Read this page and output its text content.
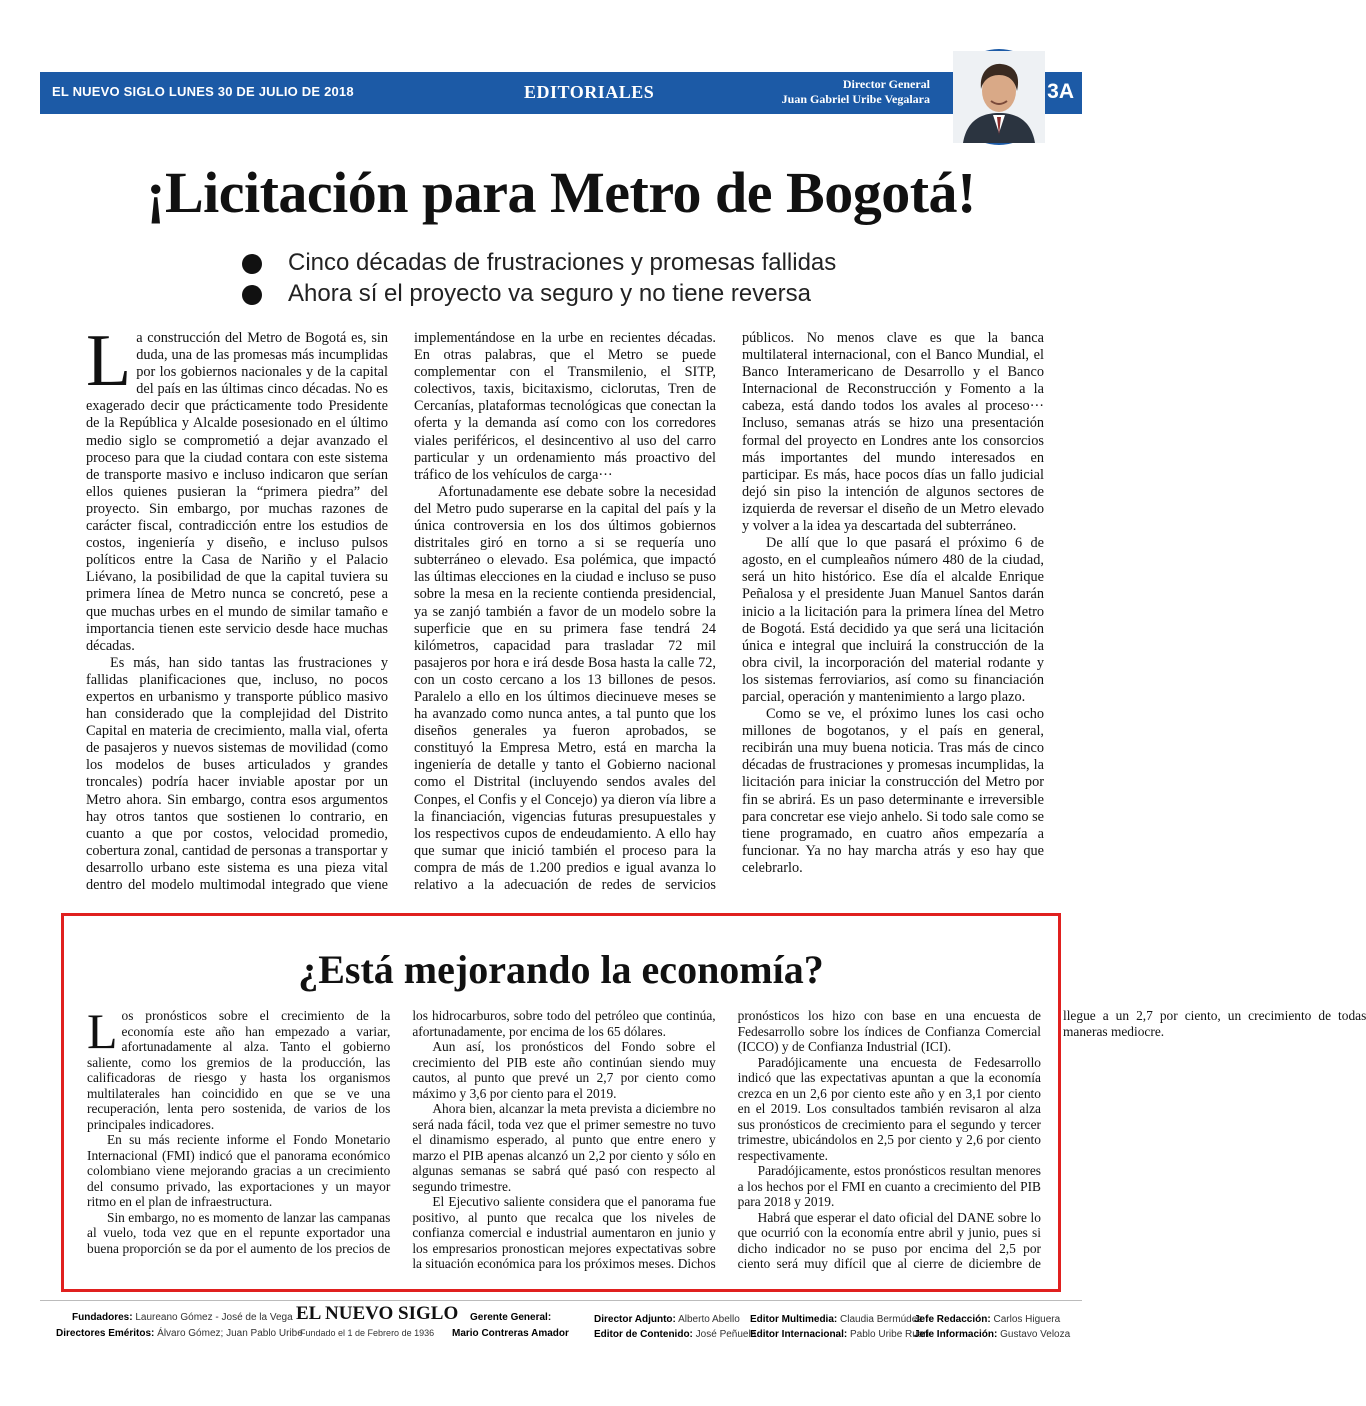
EL NUEVO SIGLO LUNES 30 DE JULIO DE 2018	EDITORIALES	Director General
Juan Gabriel Uribe Vegalara	3A
¡Licitación para Metro de Bogotá!
Cinco décadas de frustraciones y promesas fallidas
Ahora sí el proyecto va seguro y no tiene reversa

La construcción del Metro de Bogotá es, sin duda, una de las promesas más incumplidas por los gobiernos nacionales y de la capital del país en las últimas cinco décadas. No es exagerado decir que prácticamente todo Presidente de la República y Alcalde posesionado en el último medio siglo se comprometió a dejar avanzado el proceso para que la ciudad contara con este sistema de transporte masivo e incluso indicaron que serían ellos quienes pusieran la “primera piedra” del proyecto. Sin embargo, por muchas razones de carácter fiscal, contradicción entre los estudios de costos, ingeniería y diseño, e incluso pulsos políticos entre la Casa de Nariño y el Palacio Liévano, la posibilidad de que la capital tuviera su primera línea de Metro nunca se concretó, pese a que muchas urbes en el mundo de similar tamaño e importancia tienen este servicio desde hace muchas décadas.

Es más, han sido tantas las frustraciones y fallidas planificaciones que, incluso, no pocos expertos en urbanismo y transporte público masivo han considerado que la complejidad del Distrito Capital en materia de crecimiento, malla vial, oferta de pasajeros y nuevos sistemas de movilidad (como los modelos de buses articulados y grandes troncales) podría hacer inviable apostar por un Metro ahora. Sin embargo, contra esos argumentos hay otros tantos que sostienen lo contrario, en cuanto a que por costos, velocidad promedio, cobertura zonal, cantidad de personas a transportar y desarrollo urbano este sistema es una pieza vital dentro del modelo multimodal integrado que viene implementándose en la urbe en recientes décadas. En otras palabras, que el Metro se puede complementar con el Transmilenio, el SITP, colectivos, taxis, bicitaxismo, ciclorutas, Tren de Cercanías, plataformas tecnológicas que conectan la oferta y la demanda así como con los corredores viales periféricos, el desincentivo al uso del carro particular y un ordenamiento más proactivo del tráfico de los vehículos de carga···

Afortunadamente ese debate sobre la necesidad del Metro pudo superarse en la capital del país y la única controversia en los dos últimos gobiernos distritales giró en torno a si se requería uno subterráneo o elevado. Esa polémica, que impactó las últimas elecciones en la ciudad e incluso se puso sobre la mesa en la reciente contienda presidencial, ya se zanjó también a favor de un modelo sobre la superficie que en su primera fase tendrá 24 kilómetros, capacidad para trasladar 72 mil pasajeros por hora e irá desde Bosa hasta la calle 72, con un costo cercano a los 13 billones de pesos. Paralelo a ello en los últimos diecinueve meses se ha avanzado como nunca antes, a tal punto que los diseños generales ya fueron aprobados, se constituyó la Empresa Metro, está en marcha la ingeniería de detalle y tanto el Gobierno nacional como el Distrital (incluyendo sendos avales del Conpes, el Confis y el Concejo) ya dieron vía libre a la financiación, vigencias futuras presupuestales y los respectivos cupos de endeudamiento. A ello hay que sumar que inició también el proceso para la compra de más de 1.200 predios e igual avanza lo relativo a la adecuación de redes de servicios públicos. No menos clave es que la banca multilateral internacional, con el Banco Mundial, el Banco Interamericano de Desarrollo y el Banco Internacional de Reconstrucción y Fomento a la cabeza, está dando todos los avales al proceso··· Incluso, semanas atrás se hizo una presentación formal del proyecto en Londres ante los consorcios más importantes del mundo interesados en participar. Es más, hace pocos días un fallo judicial dejó sin piso la intención de algunos sectores de izquierda de reversar el diseño de un Metro elevado y volver a la idea ya descartada del subterráneo.

De allí que lo que pasará el próximo 6 de agosto, en el cumpleaños número 480 de la ciudad, será un hito histórico. Ese día el alcalde Enrique Peñalosa y el presidente Juan Manuel Santos darán inicio a la licitación para la primera línea del Metro de Bogotá. Está decidido ya que será una licitación única e integral que incluirá la construcción de la obra civil, la incorporación del material rodante y los sistemas ferroviarios, así como su financiación parcial, operación y mantenimiento a largo plazo.

Como se ve, el próximo lunes los casi ocho millones de bogotanos, y el país en general, recibirán una muy buena noticia. Tras más de cinco décadas de frustraciones y promesas incumplidas, la licitación para iniciar la construcción del Metro por fin se abrirá. Es un paso determinante e irreversible para concretar ese viejo anhelo. Si todo sale como se tiene programado, en cuatro años empezaría a funcionar. Ya no hay marcha atrás y eso hay que celebrarlo.

¿Está mejorando la economía?

Los pronósticos sobre el crecimiento de la economía este año han empezado a variar, afortunadamente al alza. Tanto el gobierno saliente, como los gremios de la producción, las calificadoras de riesgo y hasta los organismos multilaterales han coincidido en que se ve una recuperación, lenta pero sostenida, de varios de los principales indicadores.

En su más reciente informe el Fondo Monetario Internacional (FMI) indicó que el panorama económico colombiano viene mejorando gracias a un crecimiento del consumo privado, las exportaciones y un mayor ritmo en el plan de infraestructura.

Sin embargo, no es momento de lanzar las campanas al vuelo, toda vez que en el repunte exportador una buena proporción se da por el aumento de los precios de los hidrocarburos, sobre todo del petróleo que continúa, afortunadamente, por encima de los 65 dólares.

Aun así, los pronósticos del Fondo sobre el crecimiento del PIB este año continúan siendo muy cautos, al punto que prevé un 2,7 por ciento como máximo y 3,6 por ciento para el 2019.

Ahora bien, alcanzar la meta prevista a diciembre no será nada fácil, toda vez que el primer semestre no tuvo el dinamismo esperado, al punto que entre enero y marzo el PIB apenas alcanzó un 2,2 por ciento y sólo en algunas semanas se sabrá qué pasó con respecto al segundo trimestre.

El Ejecutivo saliente considera que el panorama fue positivo, al punto que recalca que los niveles de confianza comercial e industrial aumentaron en junio y los empresarios pronostican mejores expectativas sobre la situación económica para los próximos meses. Dichos pronósticos los hizo con base en una encuesta de Fedesarrollo sobre los índices de Confianza Comercial (ICCO) y de Confianza Industrial (ICI).

Paradójicamente una encuesta de Fedesarrollo indicó que las expectativas apuntan a que la economía crezca en un 2,6 por ciento este año y en 3,1 por ciento en el 2019. Los consultados también revisaron al alza sus pronósticos de crecimiento para el segundo y tercer trimestre, ubicándolos en 2,5 por ciento y 2,6 por ciento respectivamente.

Paradójicamente, estos pronósticos resultan menores a los hechos por el FMI en cuanto a crecimiento del PIB para 2018 y 2019.

Habrá que esperar el dato oficial del DANE sobre lo que ocurrió con la economía entre abril y junio, pues si dicho indicador no se puso por encima del 2,5 por ciento será muy difícil que al cierre de diciembre de llegue a un 2,7 por ciento, un crecimiento de todas maneras mediocre.

Fundadores: Laureano Gómez - José de la Vega
Directores Eméritos: Álvaro Gómez; Juan Pablo Uribe
EL NUEVO SIGLO
Fundado el 1 de Febrero de 1936
Gerente General:
Mario Contreras Amador
Director Adjunto: Alberto Abello
Editor de Contenido: José Peñuela
Editor Multimedia: Claudia Bermúdez
Editor Internacional: Pablo Uribe Ruan
Jefe Redacción: Carlos Higuera
Jefe Información: Gustavo Veloza
